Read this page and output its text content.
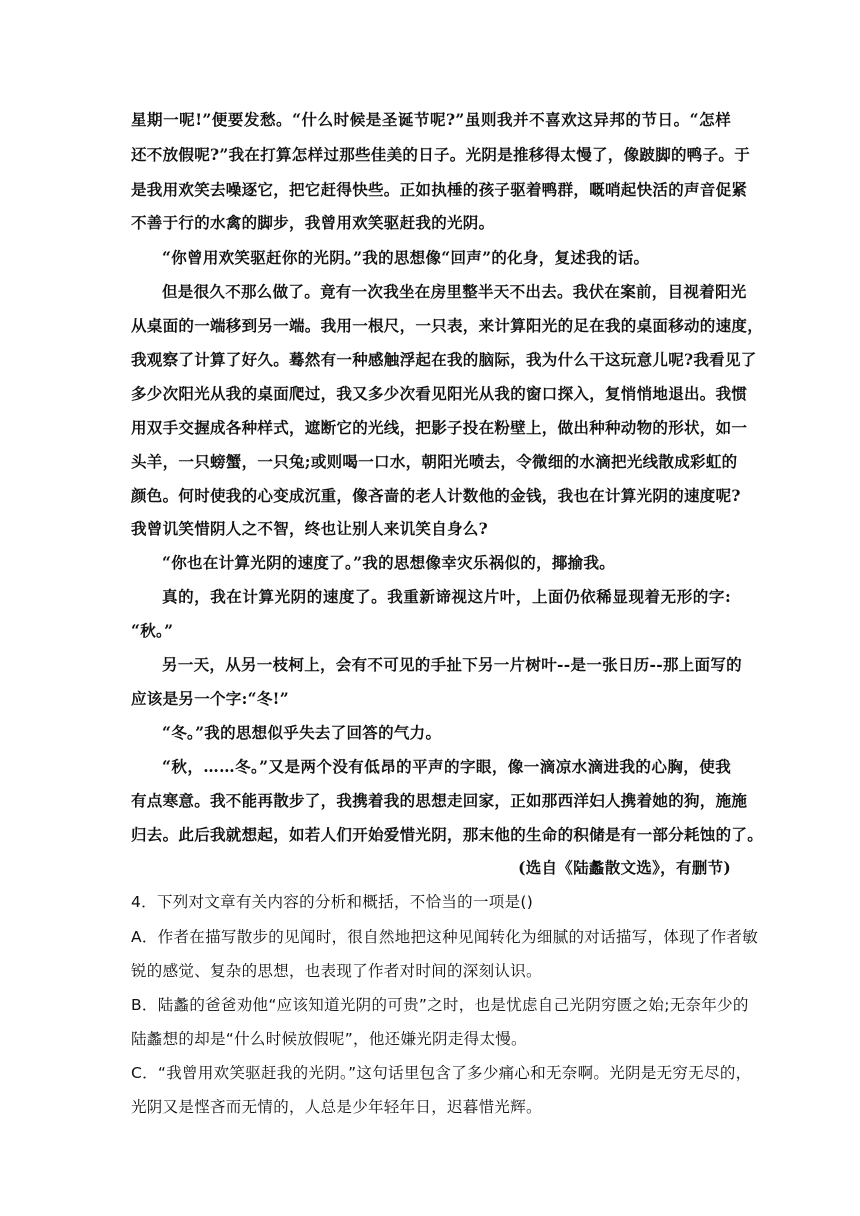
星期一呢!”便要发愁。“什么时候是圣诞节呢?”虽则我并不喜欢这异邦的节日。“怎样
还不放假呢?”我在打算怎样过那些佳美的日子。光阴是推移得太慢了，像跛脚的鸭子。于
是我用欢笑去噪逐它，把它赶得快些。正如执棰的孩子驱着鸭群，嘅哨起快活的声音促紧
不善于行的水禽的脚步，我曾用欢笑驱赶我的光阴。
“你曾用欢笑驱赶你的光阴。”我的思想像“回声”的化身，复述我的话。
但是很久不那么做了。竟有一次我坐在房里整半天不出去。我伏在案前，目视着阳光
从桌面的一端移到另一端。我用一根尺，一只表，来计算阳光的足在我的桌面移动的速度，
我观察了计算了好久。蓦然有一种感触浮起在我的脑际，我为什么干这玩意儿呢?我看见了
多少次阳光从我的桌面爬过，我又多少次看见阳光从我的窗口探入，复悄悄地退出。我惯
用双手交握成各种样式，遮断它的光线，把影子投在粉壁上，做出种种动物的形状，如一
头羊，一只螃蟹，一只兔;或则喝一口水，朝阳光喷去，令微细的水滴把光线散成彩虹的
颜色。何时使我的心变成沉重，像吝啬的老人计数他的金钱，我也在计算光阴的速度呢?
我曾讥笑惜阴人之不智，终也让别人来讥笑自身么?
“你也在计算光阴的速度了。”我的思想像幸灾乐祸似的，揶揄我。
真的，我在计算光阴的速度了。我重新谛视这片叶，上面仍依稀显现着无形的字:
“秋。”
另一天，从另一枝柯上，会有不可见的手扯下另一片树叶--是一张日历--那上面写的
应该是另一个字:“冬!”
“冬。”我的思想似乎失去了回答的气力。
“秋，……冬。”又是两个没有低昂的平声的字眼，像一滴凉水滴进我的心胸，使我
有点寒意。我不能再散步了，我携着我的思想走回家，正如那西洋妇人携着她的狗，施施
归去。此后我就想起，如若人们开始爱惜光阴，那末他的生命的积储是有一部分耗蚀的了。
(选自《陆蠡散文选》，有删节)
4．下列对文章有关内容的分析和概括，不恰当的一项是()
A．作者在描写散步的见闻时，很自然地把这种见闻转化为细腻的对话描写，体现了作者敏
锐的感觉、复杂的思想，也表现了作者对时间的深刻认识。
B．陆蠡的爸爸劝他“应该知道光阴的可贵”之时，也是忧虑自己光阴穷匮之始;无奈年少的
陆蠡想的却是“什么时候放假呢”，他还嫌光阴走得太慢。
C．“我曾用欢笑驱赶我的光阴。”这句话里包含了多少痛心和无奈啊。光阴是无穷无尽的，
光阴又是悭吝而无情的，人总是少年轻年日，迟暮惜光辉。
